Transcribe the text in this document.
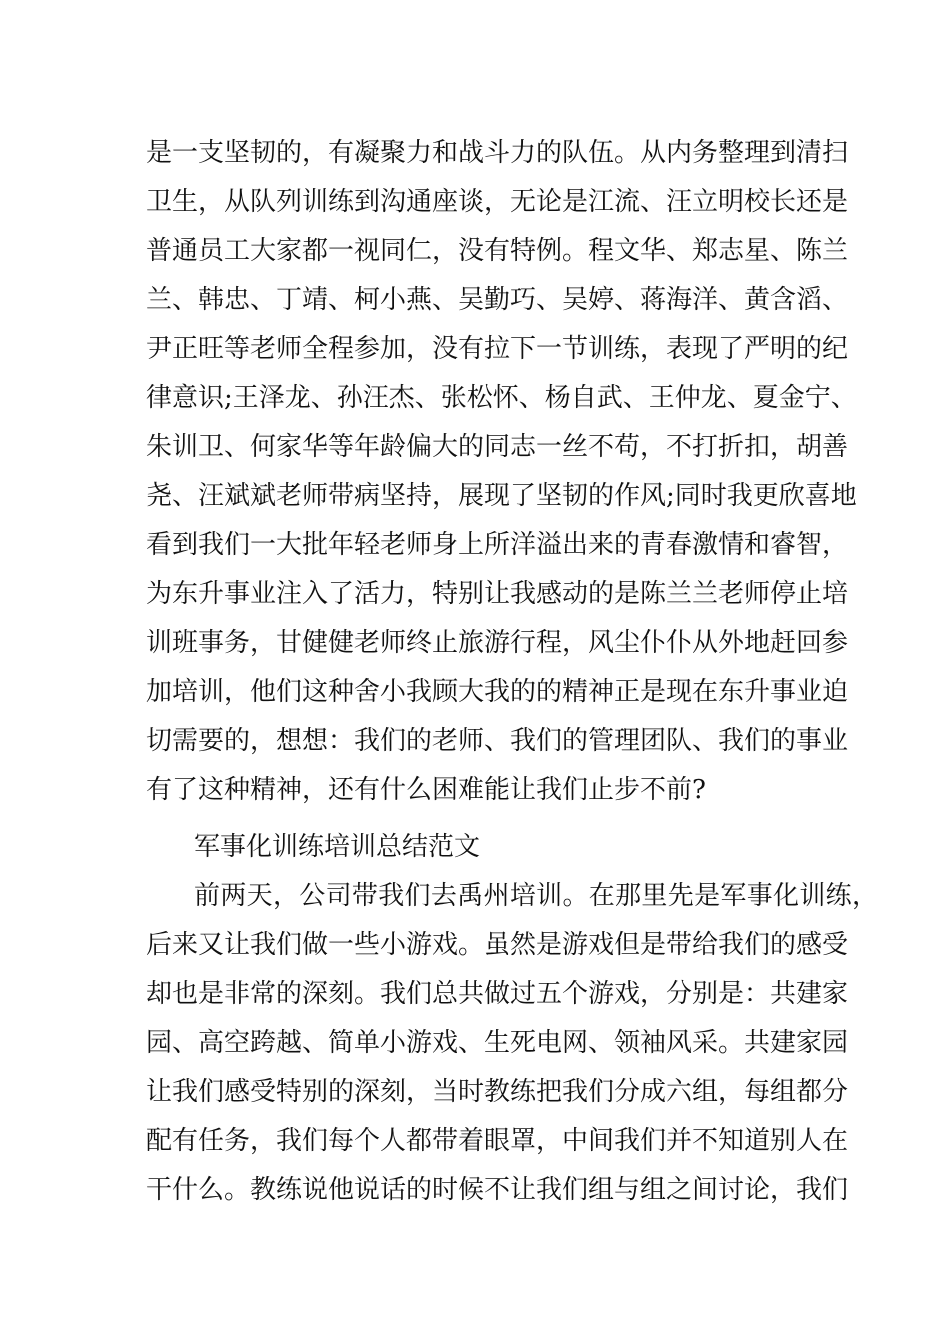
是一支坚韧的，有凝聚力和战斗力的队伍。从内务整理到清扫
卫生，从队列训练到沟通座谈，无论是江流、汪立明校长还是
普通员工大家都一视同仁，没有特例。程文华、郑志星、陈兰
兰、韩忠、丁靖、柯小燕、吴勤巧、吴婷、蒋海洋、黄含滔、
尹正旺等老师全程参加，没有拉下一节训练，表现了严明的纪
律意识;王泽龙、孙汪杰、张松怀、杨自武、王仲龙、夏金宁、
朱训卫、何家华等年龄偏大的同志一丝不苟，不打折扣，胡善
尧、汪斌斌老师带病坚持，展现了坚韧的作风;同时我更欣喜地
看到我们一大批年轻老师身上所洋溢出来的青春激情和睿智，
为东升事业注入了活力，特别让我感动的是陈兰兰老师停止培
训班事务，甘健健老师终止旅游行程，风尘仆仆从外地赶回参
加培训，他们这种舍小我顾大我的的精神正是现在东升事业迫
切需要的，想想：我们的老师、我们的管理团队、我们的事业
有了这种精神，还有什么困难能让我们止步不前?
军事化训练培训总结范文
前两天，公司带我们去禹州培训。在那里先是军事化训练，
后来又让我们做一些小游戏。虽然是游戏但是带给我们的感受
却也是非常的深刻。我们总共做过五个游戏，分别是：共建家
园、高空跨越、简单小游戏、生死电网、领袖风采。共建家园
让我们感受特别的深刻，当时教练把我们分成六组，每组都分
配有任务，我们每个人都带着眼罩，中间我们并不知道别人在
干什么。教练说他说话的时候不让我们组与组之间讨论，我们
